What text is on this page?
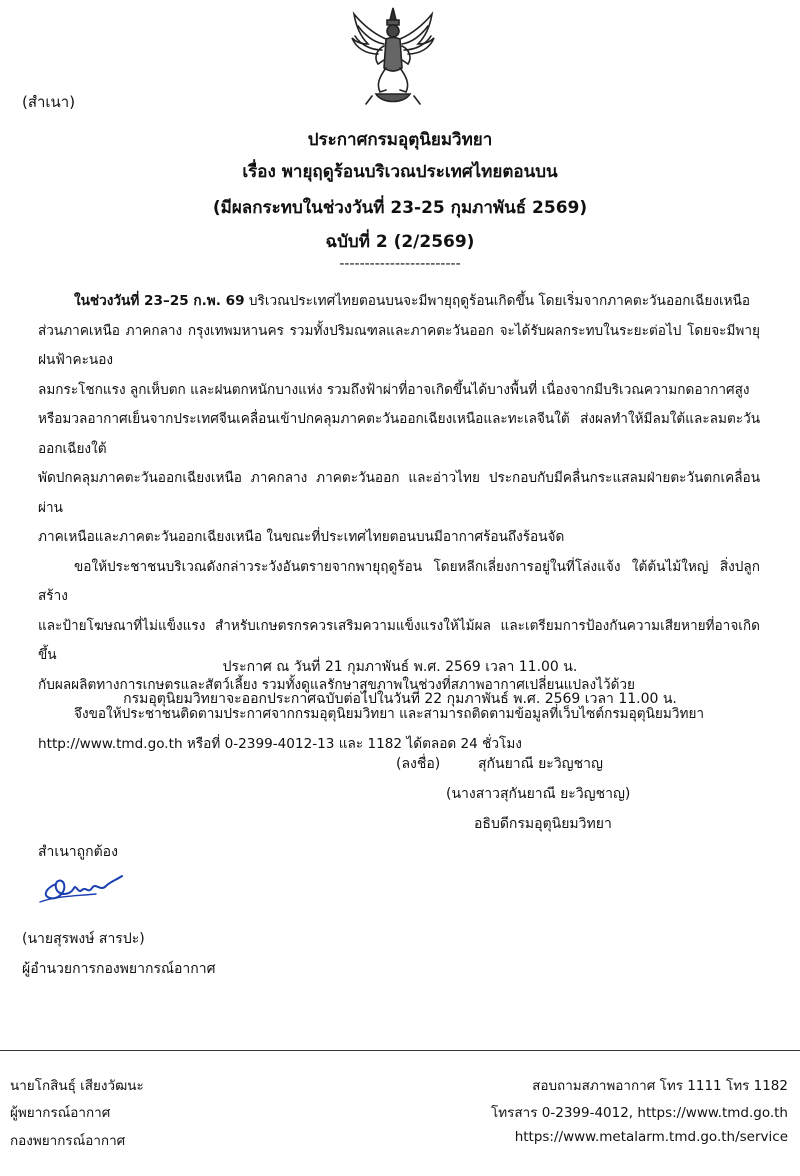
(สำเนา)
ประกาศกรมอุตุนิยมวิทยา
เรื่อง พายุฤดูร้อนบริเวณประเทศไทยตอนบน
(มีผลกระทบในช่วงวันที่ 23-25 กุมภาพันธ์ 2569)
ฉบับที่ 2 (2/2569)
------------------------

ในช่วงวันที่ 23–25 ก.พ. 69 บริเวณประเทศไทยตอนบนจะมีพายุฤดูร้อนเกิดขึ้น โดยเริ่มจากภาคตะวันออกเฉียงเหนือ

ส่วนภาคเหนือ ภาคกลาง กรุงเทพมหานคร รวมทั้งปริมณฑลและภาคตะวันออก จะได้รับผลกระทบในระยะต่อไป โดยจะมีพายุฝนฟ้าคะนอง

ลมกระโชกแรง ลูกเห็บตก และฝนตกหนักบางแห่ง รวมถึงฟ้าผ่าที่อาจเกิดขึ้นได้บางพื้นที่ เนื่องจากมีบริเวณความกดอากาศสูง

หรือมวลอากาศเย็นจากประเทศจีนเคลื่อนเข้าปกคลุมภาคตะวันออกเฉียงเหนือและทะเลจีนใต้ ส่งผลทำให้มีลมใต้และลมตะวันออกเฉียงใต้

พัดปกคลุมภาคตะวันออกเฉียงเหนือ ภาคกลาง ภาคตะวันออก และอ่าวไทย ประกอบกับมีคลื่นกระแสลมฝ่ายตะวันตกเคลื่อนผ่าน

ภาคเหนือและภาคตะวันออกเฉียงเหนือ ในขณะที่ประเทศไทยตอนบนมีอากาศร้อนถึงร้อนจัด

ขอให้ประชาชนบริเวณดังกล่าวระวังอันตรายจากพายุฤดูร้อน โดยหลีกเลี่ยงการอยู่ในที่โล่งแจ้ง ใต้ต้นไม้ใหญ่ สิ่งปลูกสร้าง

และป้ายโฆษณาที่ไม่แข็งแรง สำหรับเกษตรกรควรเสริมความแข็งแรงให้ไม้ผล และเตรียมการป้องกันความเสียหายที่อาจเกิดขึ้น

กับผลผลิตทางการเกษตรและสัตว์เลี้ยง รวมทั้งดูแลรักษาสุขภาพในช่วงที่สภาพอากาศเปลี่ยนแปลงไว้ด้วย

จึงขอให้ประชาชนติดตามประกาศจากกรมอุตุนิยมวิทยา และสามารถติดตามข้อมูลที่เว็บไซต์กรมอุตุนิยมวิทยา

http://www.tmd.go.th หรือที่ 0-2399-4012-13 และ 1182 ได้ตลอด 24 ชั่วโมง

ประกาศ ณ วันที่ 21 กุมภาพันธ์ พ.ศ. 2569 เวลา 11.00 น.
กรมอุตุนิยมวิทยาจะออกประกาศฉบับต่อไปในวันที่ 22 กุมภาพันธ์ พ.ศ. 2569 เวลา 11.00 น.
(ลงชื่อ)	สุกันยาณี ยะวิญชาญ
(นางสาวสุกันยาณี ยะวิญชาญ)
อธิบดีกรมอุตุนิยมวิทยา
สำเนาถูกต้อง
(นายสุรพงษ์ สารปะ)
ผู้อำนวยการกองพยากรณ์อากาศ
นายโกสินธุ์ เสียงวัฒนะ
ผู้พยากรณ์อากาศ
กองพยากรณ์อากาศ
สอบถามสภาพอากาศ โทร 1111 โทร 1182
โทรสาร 0-2399-4012, https://www.tmd.go.th
https://www.metalarm.tmd.go.th/service
